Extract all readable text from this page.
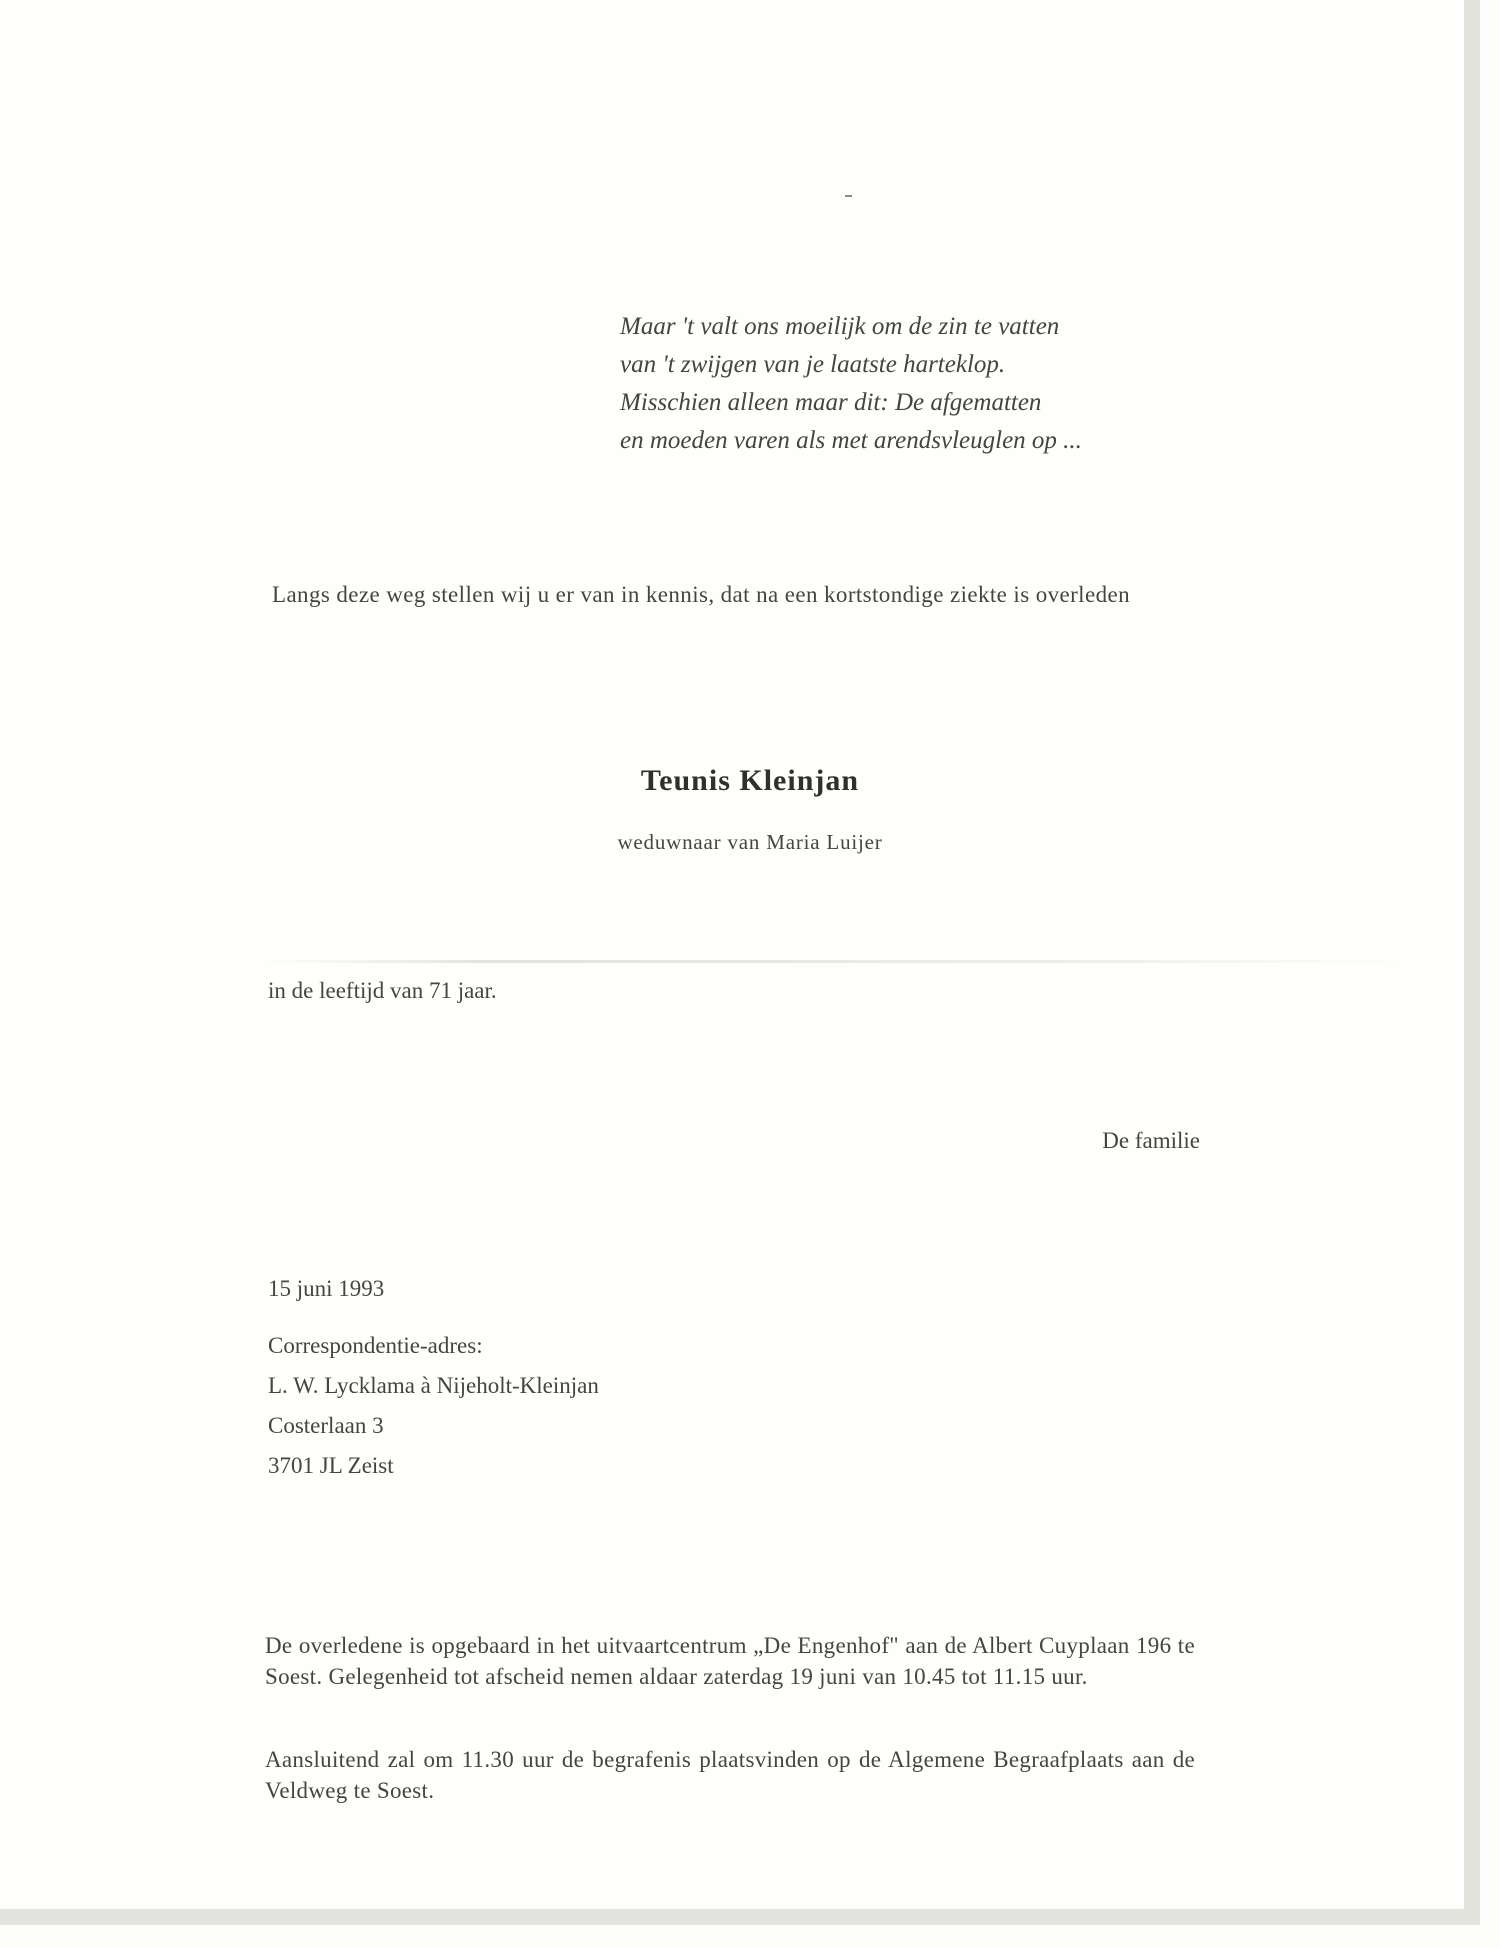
Maar 't valt ons moeilijk om de zin te vatten
van 't zwijgen van je laatste harteklop.
Misschien alleen maar dit: De afgematten
en moeden varen als met arendsvleuglen op ...
Langs deze weg stellen wij u er van in kennis, dat na een kortstondige ziekte is overleden
Teunis Kleinjan
weduwnaar van Maria Luijer
in de leeftijd van 71 jaar.
De familie
15 juni 1993
Correspondentie-adres:
L. W. Lycklama à Nijeholt-Kleinjan
Costerlaan 3
3701 JL Zeist
De overledene is opgebaard in het uitvaartcentrum „De Engenhof" aan de Albert Cuyplaan 196 te Soest. Gelegenheid tot afscheid nemen aldaar zaterdag 19 juni van 10.45 tot 11.15 uur.
Aansluitend zal om 11.30 uur de begrafenis plaatsvinden op de Algemene Begraafplaats aan de Veldweg te Soest.
